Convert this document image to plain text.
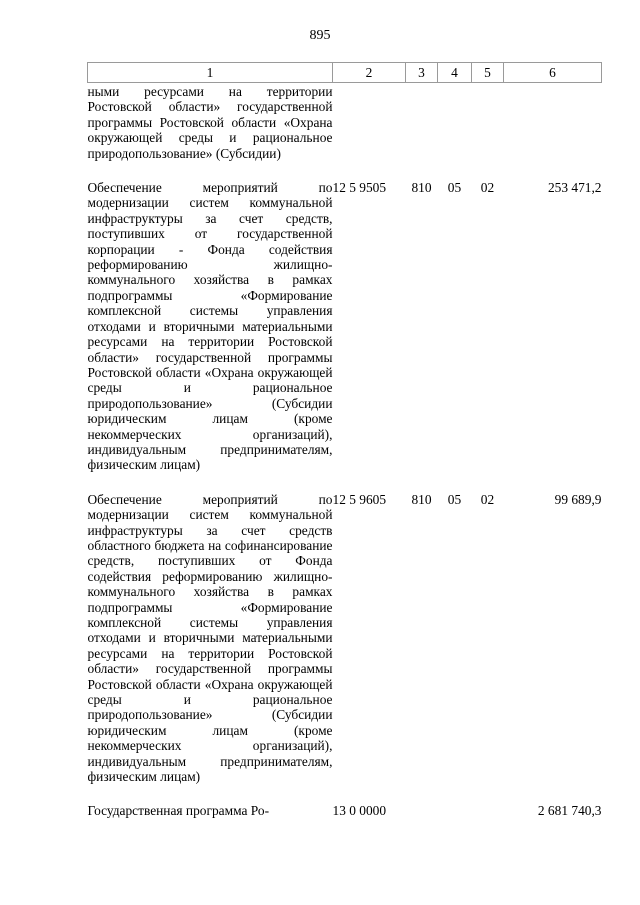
895
1	2	3	4	5	6

ными ресурсами на территории Ростовской области» государственной программы Ростовской области «Охрана окружающей среды и рациональное природопользование» (Субсидии)					

Обеспечение мероприятий по модернизации систем коммунальной инфраструктуры за счет средств, поступивших от государственной корпорации - Фонда содействия реформированию жилищно-коммунального хозяйства в рамках подпрограммы «Формирование комплексной системы управления отходами и вторичными материальными ресурсами на территории Ростовской области» государственной программы Ростовской области «Охрана окружающей среды и рациональное природопользование» (Субсидии юридическим лицам (кроме некоммерческих организаций), индивидуальным предпринимателям, физическим лицам)	12 5 9505	810	05	02	253 471,2

Обеспечение мероприятий по модернизации систем коммунальной инфраструктуры за счет средств областного бюджета на софинансирование средств, поступивших от Фонда содействия реформированию жилищно-коммунального хозяйства в рамках подпрограммы «Формирование комплексной системы управления отходами и вторичными материальными ресурсами на территории Ростовской области» государственной программы Ростовской области «Охрана окружающей среды и рациональное природопользование» (Субсидии юридическим лицам (кроме некоммерческих организаций), индивидуальным предпринимателям, физическим лицам)	12 5 9605	810	05	02	99 689,9

Государственная программа Ро-	13 0 0000				2 681 740,3
